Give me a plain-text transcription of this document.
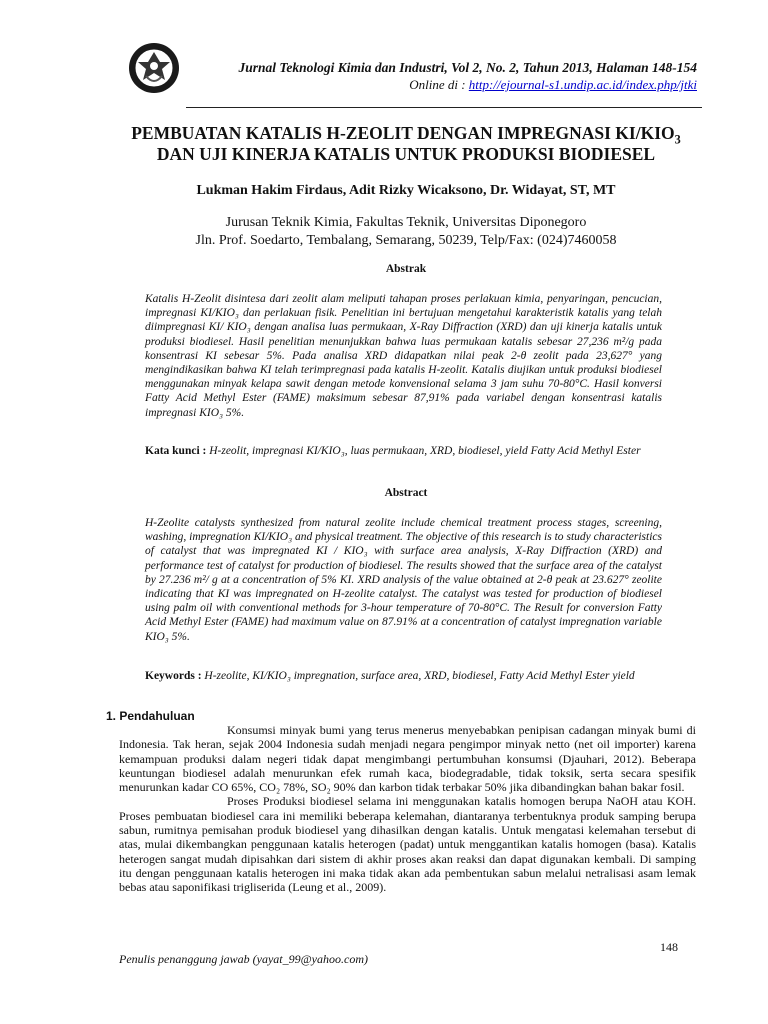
Jurnal Teknologi Kimia dan Industri, Vol 2, No. 2, Tahun 2013, Halaman 148-154
Online di : http://ejournal-s1.undip.ac.id/index.php/jtki
PEMBUATAN KATALIS H-ZEOLIT DENGAN IMPREGNASI $KI/KIO_3$
DAN UJI KINERJA KATALIS UNTUK PRODUKSI BIODIESEL
Lukman Hakim Firdaus, Adit Rizky Wicaksono, Dr. Widayat, ST, MT
Jurusan Teknik Kimia, Fakultas Teknik, Universitas Diponegoro
Jln. Prof. Soedarto, Tembalang, Semarang, 50239, Telp/Fax: (024)7460058
Abstrak
Katalis H-Zeolit disintesa dari zeolit alam meliputi tahapan proses perlakuan kimia, penyaringan, pencucian, impregnasi KI/KIO₃ dan perlakuan fisik. Penelitian ini bertujuan mengetahui karakteristik katalis yang telah diimpregnasi KI/ KIO₃ dengan analisa luas permukaan, X-Ray Diffraction (XRD) dan uji kinerja katalis untuk produksi biodiesel. Hasil penelitian menunjukkan bahwa luas permukaan katalis sebesar 27,236 m²/g pada konsentrasi KI sebesar 5%. Pada analisa XRD didapatkan nilai peak 2-θ zeolit pada 23,627° yang mengindikasikan bahwa KI telah terimpregnasi pada katalis H-zeolit. Katalis diujikan untuk produksi biodiesel menggunakan minyak kelapa sawit dengan metode konvensional selama 3 jam suhu 70-80°C. Hasil konversi Fatty Acid Methyl Ester (FAME) maksimum sebesar 87,91% pada variabel dengan konsentrasi katalis impregnasi KIO₃ 5%.
Kata kunci : H-zeolit, impregnasi KI/KIO₃, luas permukaan, XRD, biodiesel, yield Fatty Acid Methyl Ester
Abstract
H-Zeolite catalysts synthesized from natural zeolite include chemical treatment process stages, screening, washing, impregnation KI/KIO₃ and physical treatment. The objective of this research is to study characteristics of catalyst that was impregnated KI / KIO₃ with surface area analysis, X-Ray Diffraction (XRD) and performance test of catalyst for production of biodiesel. The results showed that the surface area of the catalyst by 27.236 m²/ g at a concentration of 5% KI. XRD analysis of the value obtained at 2-θ peak at 23.627° zeolite indicating that KI was impregnated on H-zeolite catalyst. The catalyst was tested for production of biodiesel using palm oil with conventional methods for 3-hour temperature of 70-80°C. The Result for conversion Fatty Acid Methyl Ester (FAME) had maximum value on 87.91% at a concentration of catalyst impregnation variable KIO₃ 5%.
Keywords : H-zeolite, KI/KIO₃ impregnation, surface area, XRD, biodiesel, Fatty Acid Methyl Ester yield
1. Pendahuluan

Konsumsi minyak bumi yang terus menerus menyebabkan penipisan cadangan minyak bumi di Indonesia. Tak heran, sejak 2004 Indonesia sudah menjadi negara pengimpor minyak netto (net oil importer) karena kemampuan produksi dalam negeri tidak dapat mengimbangi pertumbuhan konsumsi (Djauhari, 2012). Beberapa keuntungan biodiesel adalah menurunkan efek rumah kaca, biodegradable, tidak toksik, serta secara spesifik menurunkan kadar CO 65%, CO₂ 78%, SO₂ 90% dan karbon tidak terbakar 50% jika dibandingkan bahan bakar fosil.

Proses Produksi biodiesel selama ini menggunakan katalis homogen berupa NaOH atau KOH. Proses pembuatan biodiesel cara ini memiliki beberapa kelemahan, diantaranya terbentuknya produk samping berupa sabun, rumitnya pemisahan produk biodiesel yang dihasilkan dengan katalis. Untuk mengatasi kelemahan tersebut di atas, mulai dikembangkan penggunaan katalis heterogen (padat) untuk menggantikan katalis homogen (basa). Katalis heterogen sangat mudah dipisahkan dari sistem di akhir proses akan reaksi dan dapat digunakan kembali. Di samping itu dengan penggunaan katalis heterogen ini maka tidak akan ada pembentukan sabun melalui netralisasi asam lemak bebas atau saponifikasi trigliserida (Leung et al., 2009).

148
Penulis penanggung jawab (yayat_99@yahoo.com)
